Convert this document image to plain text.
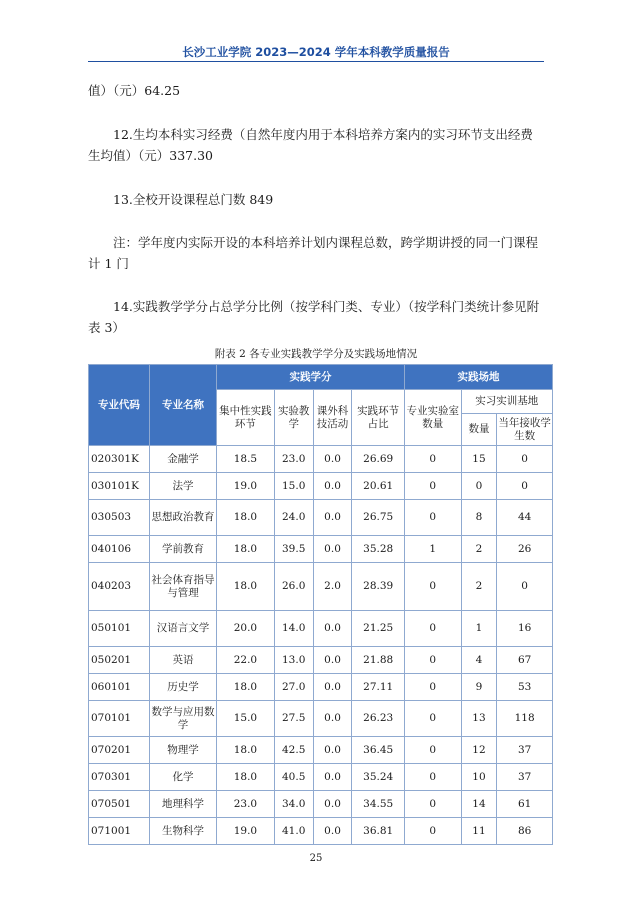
长沙工业学院 2023—2024 学年本科教学质量报告
值）（元）64.25
12.生均本科实习经费（自然年度内用于本科培养方案内的实习环节支出经费生均值）（元）337.30
13.全校开设课程总门数 849
注：学年度内实际开设的本科培养计划内课程总数，跨学期讲授的同一门课程计 1 门
14.实践教学学分占总学分比例（按学科门类、专业）（按学科门类统计参见附表 3）
附表 2 各专业实践教学学分及实践场地情况
专业代码	专业名称	实践学分				实践场地		
		集中性实践环节	实验教学	课外科技活动	实践环节占比	专业实验室数量	实习实训基地	
							数量	当年接收学生数
020301K	金融学	18.5	23.0	0.0	26.69	0	15	0
030101K	法学	19.0	15.0	0.0	20.61	0	0	0
030503	思想政治教育	18.0	24.0	0.0	26.75	0	8	44
040106	学前教育	18.0	39.5	0.0	35.28	1	2	26
040203	社会体育指导与管理	18.0	26.0	2.0	28.39	0	2	0
050101	汉语言文学	20.0	14.0	0.0	21.25	0	1	16
050201	英语	22.0	13.0	0.0	21.88	0	4	67
060101	历史学	18.0	27.0	0.0	27.11	0	9	53
070101	数学与应用数学	15.0	27.5	0.0	26.23	0	13	118
070201	物理学	18.0	42.5	0.0	36.45	0	12	37
070301	化学	18.0	40.5	0.0	35.24	0	10	37
070501	地理科学	23.0	34.0	0.0	34.55	0	14	61
071001	生物科学	19.0	41.0	0.0	36.81	0	11	86
25
